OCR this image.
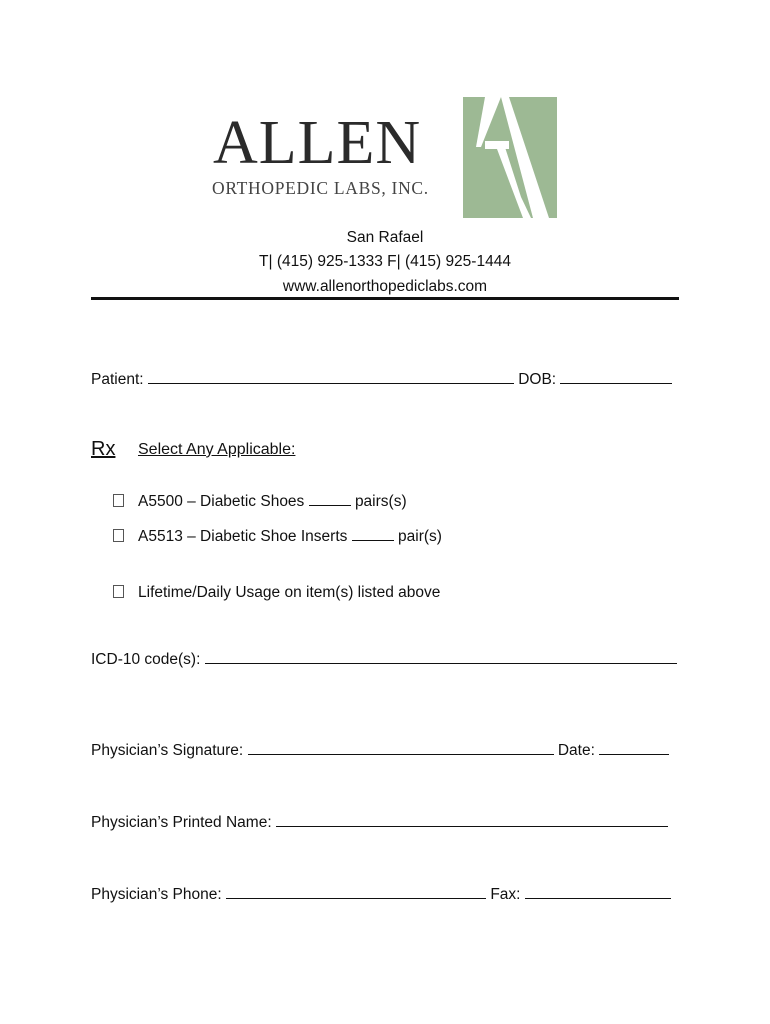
ALLEN
ORTHOPEDIC LABS, INC.
San Rafael
T| (415) 925-1333 F| (415) 925-1444
www.allenorthopediclabs.com
Patient:	DOB:
Rx Select Any Applicable:
A5500 – Diabetic Shoes	pairs(s)
A5513 – Diabetic Shoe Inserts	pair(s)
Lifetime/Daily Usage on item(s) listed above
ICD-10 code(s):
Physician’s Signature:	Date:
Physician’s Printed Name:
Physician’s Phone:	Fax:
